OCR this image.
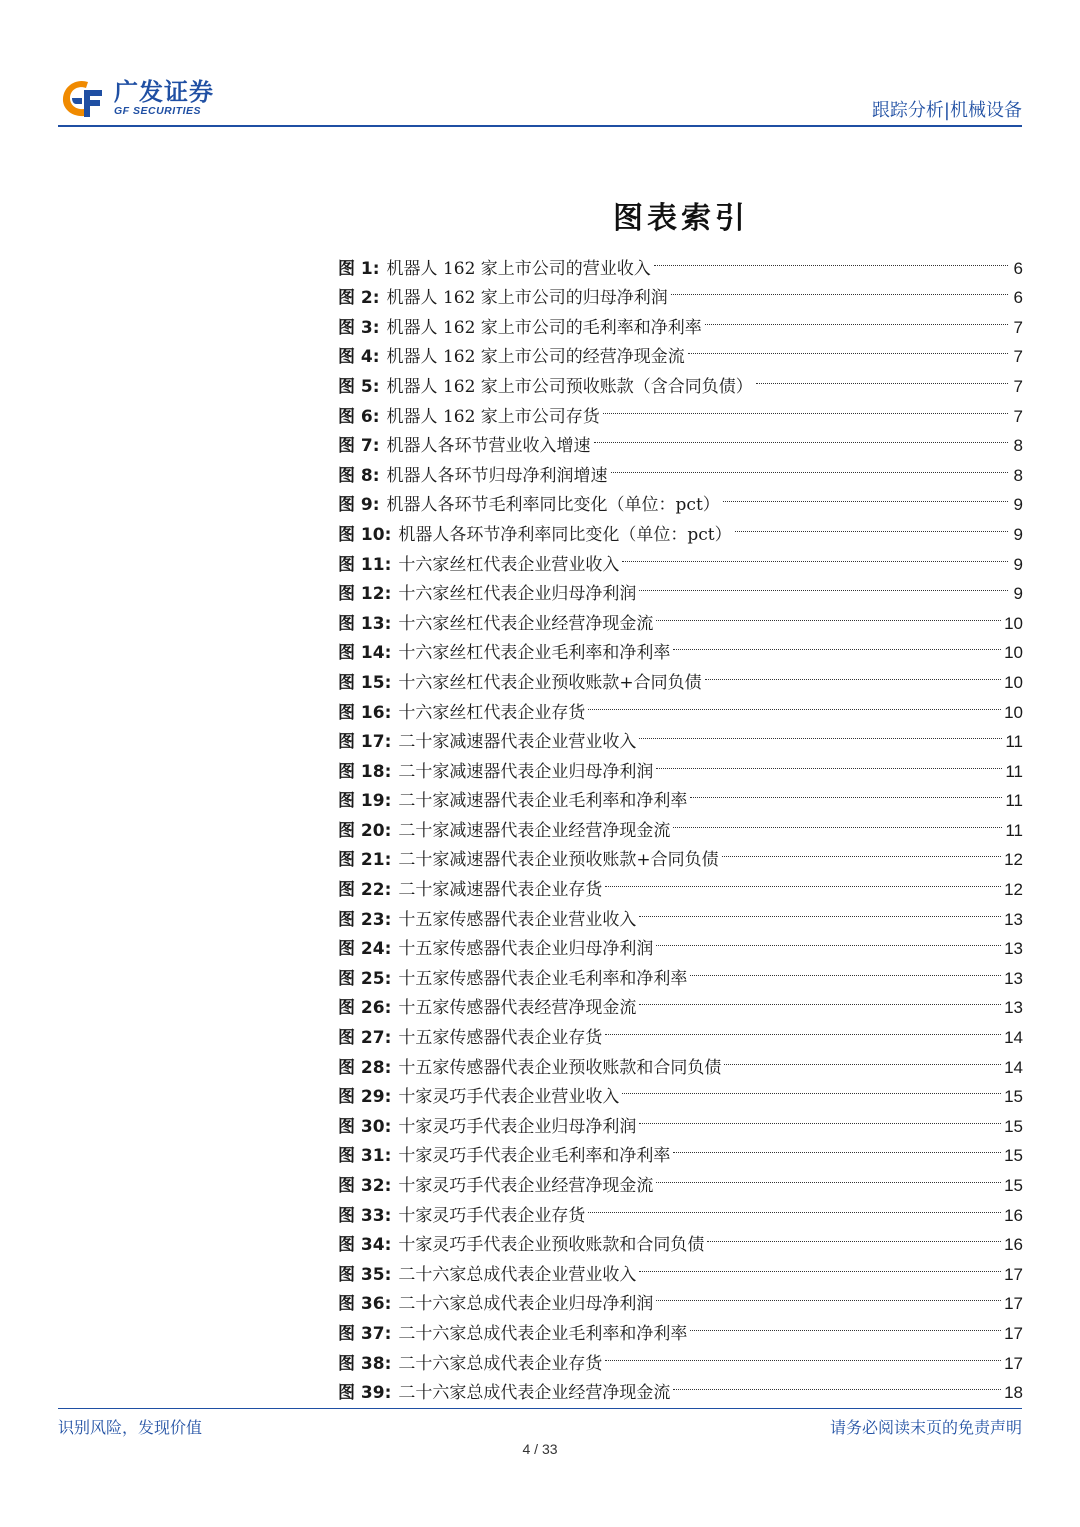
广发证券
GF SECURITIES	跟踪分析|机械设备
图表索引
图 1: 机器人 162 家上市公司的营业收入	6
图 2: 机器人 162 家上市公司的归母净利润	6
图 3: 机器人 162 家上市公司的毛利率和净利率	7
图 4: 机器人 162 家上市公司的经营净现金流	7
图 5: 机器人 162 家上市公司预收账款（含合同负债）	7
图 6: 机器人 162 家上市公司存货	7
图 7: 机器人各环节营业收入增速	8
图 8: 机器人各环节归母净利润增速	8
图 9: 机器人各环节毛利率同比变化（单位：pct）	9
图 10: 机器人各环节净利率同比变化（单位：pct）	9
图 11: 十六家丝杠代表企业营业收入	9
图 12: 十六家丝杠代表企业归母净利润	9
图 13: 十六家丝杠代表企业经营净现金流	10
图 14: 十六家丝杠代表企业毛利率和净利率	10
图 15: 十六家丝杠代表企业预收账款+合同负债	10
图 16: 十六家丝杠代表企业存货	10
图 17: 二十家减速器代表企业营业收入	11
图 18: 二十家减速器代表企业归母净利润	11
图 19: 二十家减速器代表企业毛利率和净利率	11
图 20: 二十家减速器代表企业经营净现金流	11
图 21: 二十家减速器代表企业预收账款+合同负债	12
图 22: 二十家减速器代表企业存货	12
图 23: 十五家传感器代表企业营业收入	13
图 24: 十五家传感器代表企业归母净利润	13
图 25: 十五家传感器代表企业毛利率和净利率	13
图 26: 十五家传感器代表经营净现金流	13
图 27: 十五家传感器代表企业存货	14
图 28: 十五家传感器代表企业预收账款和合同负债	14
图 29: 十家灵巧手代表企业营业收入	15
图 30: 十家灵巧手代表企业归母净利润	15
图 31: 十家灵巧手代表企业毛利率和净利率	15
图 32: 十家灵巧手代表企业经营净现金流	15
图 33: 十家灵巧手代表企业存货	16
图 34: 十家灵巧手代表企业预收账款和合同负债	16
图 35: 二十六家总成代表企业营业收入	17
图 36: 二十六家总成代表企业归母净利润	17
图 37: 二十六家总成代表企业毛利率和净利率	17
图 38: 二十六家总成代表企业存货	17
图 39: 二十六家总成代表企业经营净现金流	18
识别风险，发现价值	请务必阅读末页的免责声明
4 / 33
